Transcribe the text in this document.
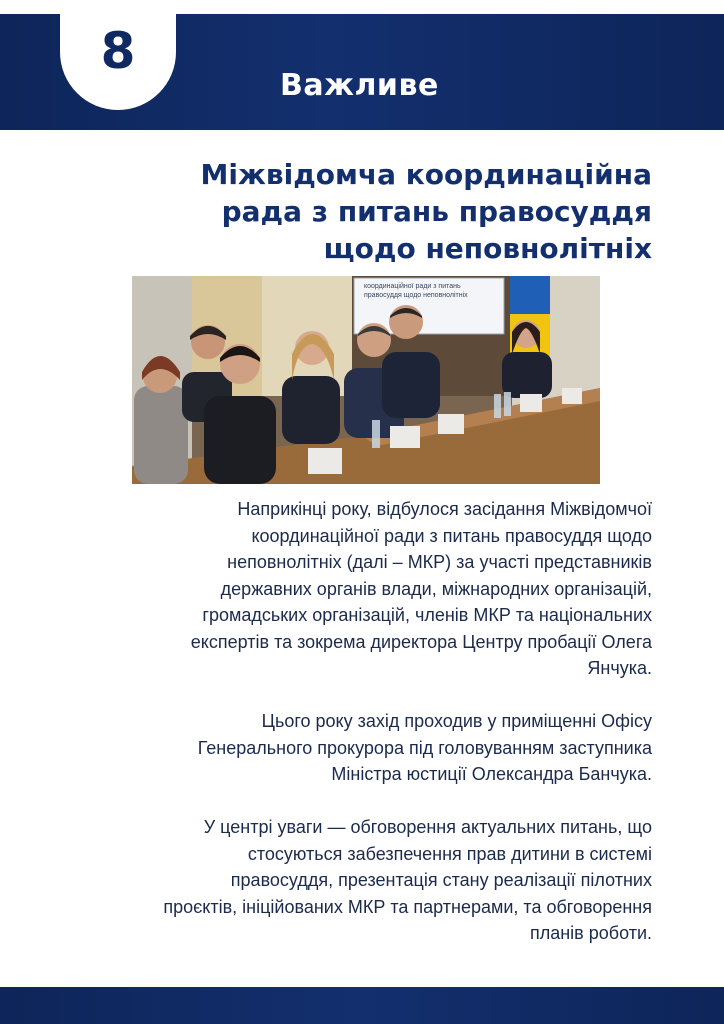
Важливе
8
Міжвідомча координаційна
рада з питань правосуддя
щодо неповнолітніх
координаційної ради з питань
правосуддя щодо неповнолітніх

Наприкінці року, відбулося засідання Міжвідомчої
координаційної ради з питань правосуддя щодо
неповнолітніх (далі – МКР) за участі представників
державних органів влади, міжнародних організацій,
громадських організацій, членів МКР та національних
експертів та зокрема директора Центру пробації Олега
Янчука.

Цього року захід проходив у приміщенні Офісу
Генерального прокурора під головуванням заступника
Міністра юстиції Олександра Банчука.

У центрі уваги — обговорення актуальних питань, що
стосуються забезпечення прав дитини в системі
правосуддя, презентація стану реалізації пілотних
проєктів, ініційованих МКР та партнерами, та обговорення
планів роботи.
